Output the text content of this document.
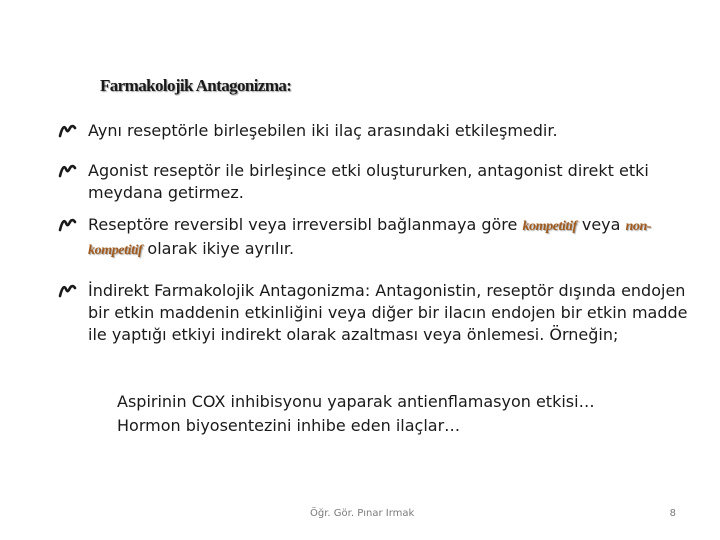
Farmakolojik Antagonizma:
Aynı reseptörle birleşebilen iki ilaç arasındaki etkileşmedir.
Agonist reseptör ile birleşince etki oluştururken, antagonist direkt etki meydana getirmez.
Reseptöre reversibl veya irreversibl bağlanmaya göre kompetitif veya non-kompetitif olarak ikiye ayrılır.
İndirekt Farmakolojik Antagonizma: Antagonistin, reseptör dışında endojen bir etkin maddenin etkinliğini veya diğer bir ilacın endojen bir etkin madde ile yaptığı etkiyi indirekt olarak azaltması veya önlemesi. Örneğin;
Aspirinin COX inhibisyonu yaparak antienflamasyon etkisi…
Hormon biyosentezini inhibe eden ilaçlar…
Öğr. Gör. Pınar Irmak	8
